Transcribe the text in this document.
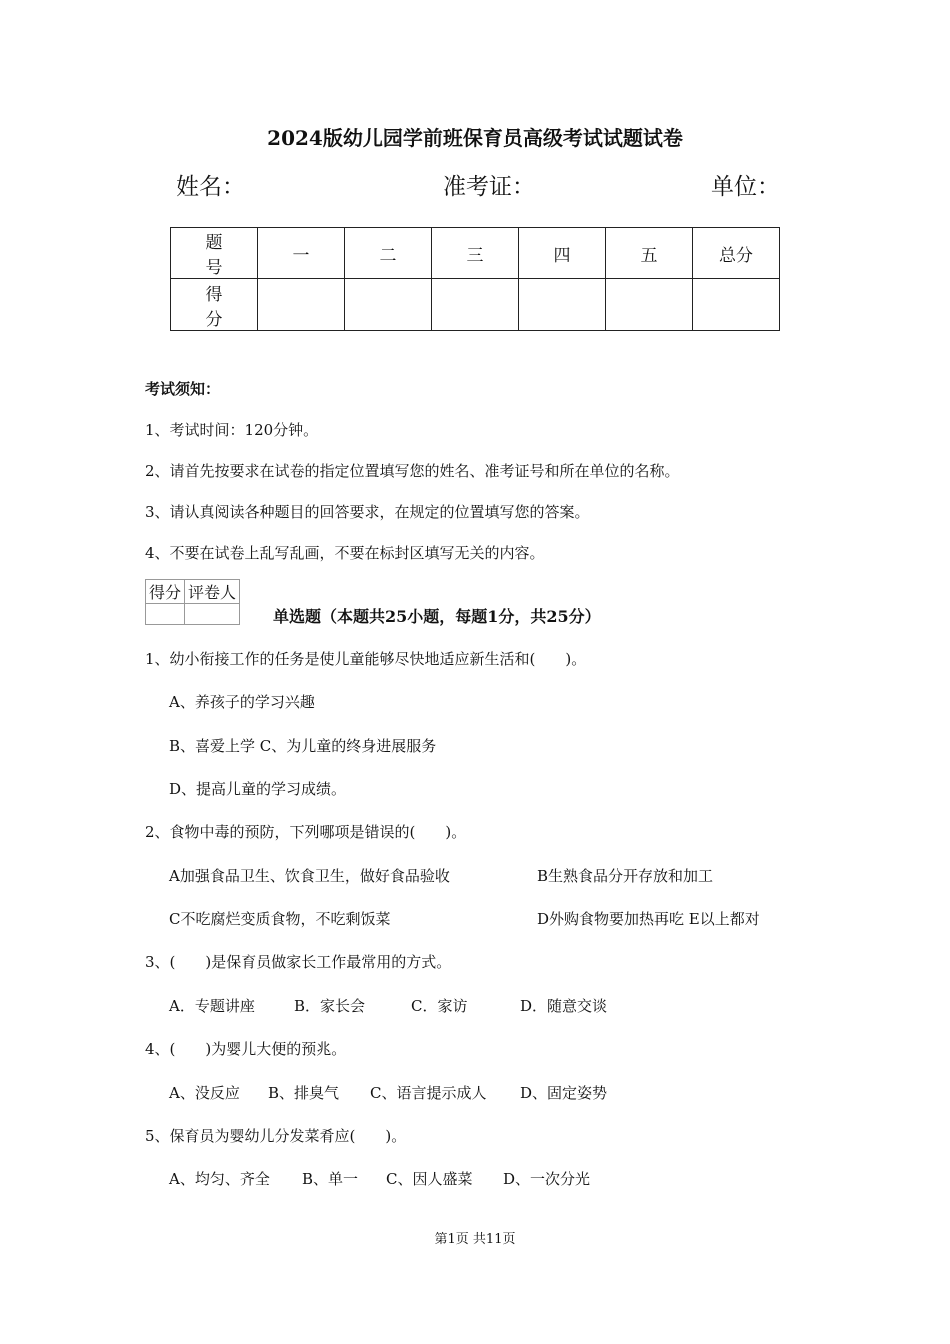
2024版幼儿园学前班保育员高级考试试题试卷
姓名：	准考证：	单位：
题　号	一	二	三	四	五	总分
得　分						
考试须知：
1、考试时间：120分钟。
2、请首先按要求在试卷的指定位置填写您的姓名、准考证号和所在单位的名称。
3、请认真阅读各种题目的回答要求，在规定的位置填写您的答案。
4、不要在试卷上乱写乱画，不要在标封区填写无关的内容。
得分	评卷人

单选题（本题共25小题，每题1分，共25分）
1、幼小衔接工作的任务是使儿童能够尽快地适应新生活和(　　)。
A、养孩子的学习兴趣
B、喜爱上学 C、为儿童的终身进展服务
D、提高儿童的学习成绩。
2、食物中毒的预防，下列哪项是错误的(　　)。
A加强食品卫生、饮食卫生，做好食品验收	B生熟食品分开存放和加工
C不吃腐烂变质食物，不吃剩饭菜	D外购食物要加热再吃 E以上都对
3、(　　)是保育员做家长工作最常用的方式。
A．专题讲座	B．家长会	C．家访	D．随意交谈
4、(　　)为婴儿大便的预兆。
A、没反应 B、排臭气 C、语言提示成人 D、固定姿势
5、保育员为婴幼儿分发菜肴应(　　)。
A、均匀、齐全 B、单一 C、因人盛菜 D、一次分光
第1页 共11页
